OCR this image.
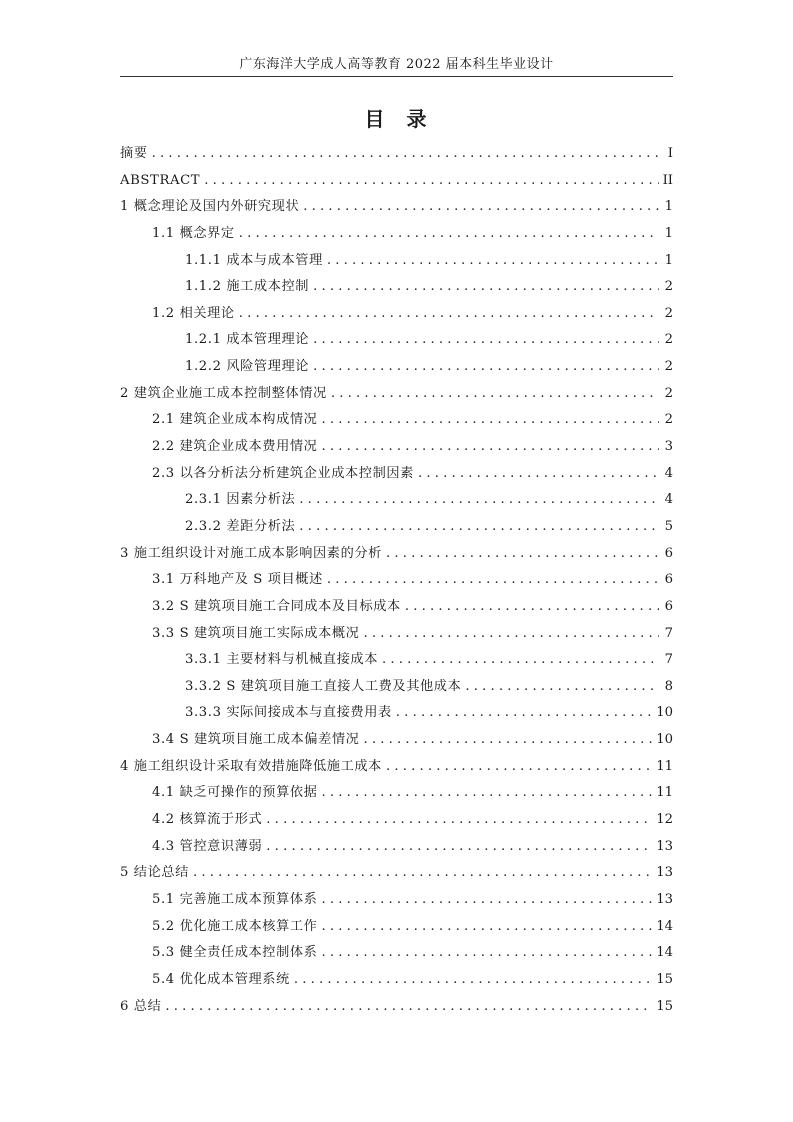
广东海洋大学成人高等教育 2022 届本科生毕业设计
目 录
摘要 . . .	I
ABSTRACT . . .	II
1 概念理论及国内外研究现状 . . .	1
1.1 概念界定 . . .	1
1.1.1 成本与成本管理 . . .	1
1.1.2 施工成本控制 . . .	2
1.2 相关理论 . . .	2
1.2.1 成本管理理论 . . .	2
1.2.2 风险管理理论 . . .	2
2 建筑企业施工成本控制整体情况 . . .	2
2.1 建筑企业成本构成情况 . . .	2
2.2 建筑企业成本费用情况 . . .	3
2.3 以各分析法分析建筑企业成本控制因素 . . .	4
2.3.1 因素分析法 . . .	4
2.3.2 差距分析法 . . .	5
3 施工组织设计对施工成本影响因素的分析 . . .	6
3.1 万科地产及 S 项目概述 . . .	6
3.2 S 建筑项目施工合同成本及目标成本 . . .	6
3.3 S 建筑项目施工实际成本概况 . . .	7
3.3.1 主要材料与机械直接成本 . . .	7
3.3.2 S 建筑项目施工直接人工费及其他成本 . . .	8
3.3.3 实际间接成本与直接费用表 . . .	10
3.4 S 建筑项目施工成本偏差情况 . . .	10
4 施工组织设计采取有效措施降低施工成本 . . .	11
4.1 缺乏可操作的预算依据 . . .	11
4.2 核算流于形式 . . .	12
4.3 管控意识薄弱 . . .	13
5 结论总结 . . .	13
5.1 完善施工成本预算体系 . . .	13
5.2 优化施工成本核算工作 . . .	14
5.3 健全责任成本控制体系 . . .	14
5.4 优化成本管理系统 . . .	15
6 总结 . . .	15
